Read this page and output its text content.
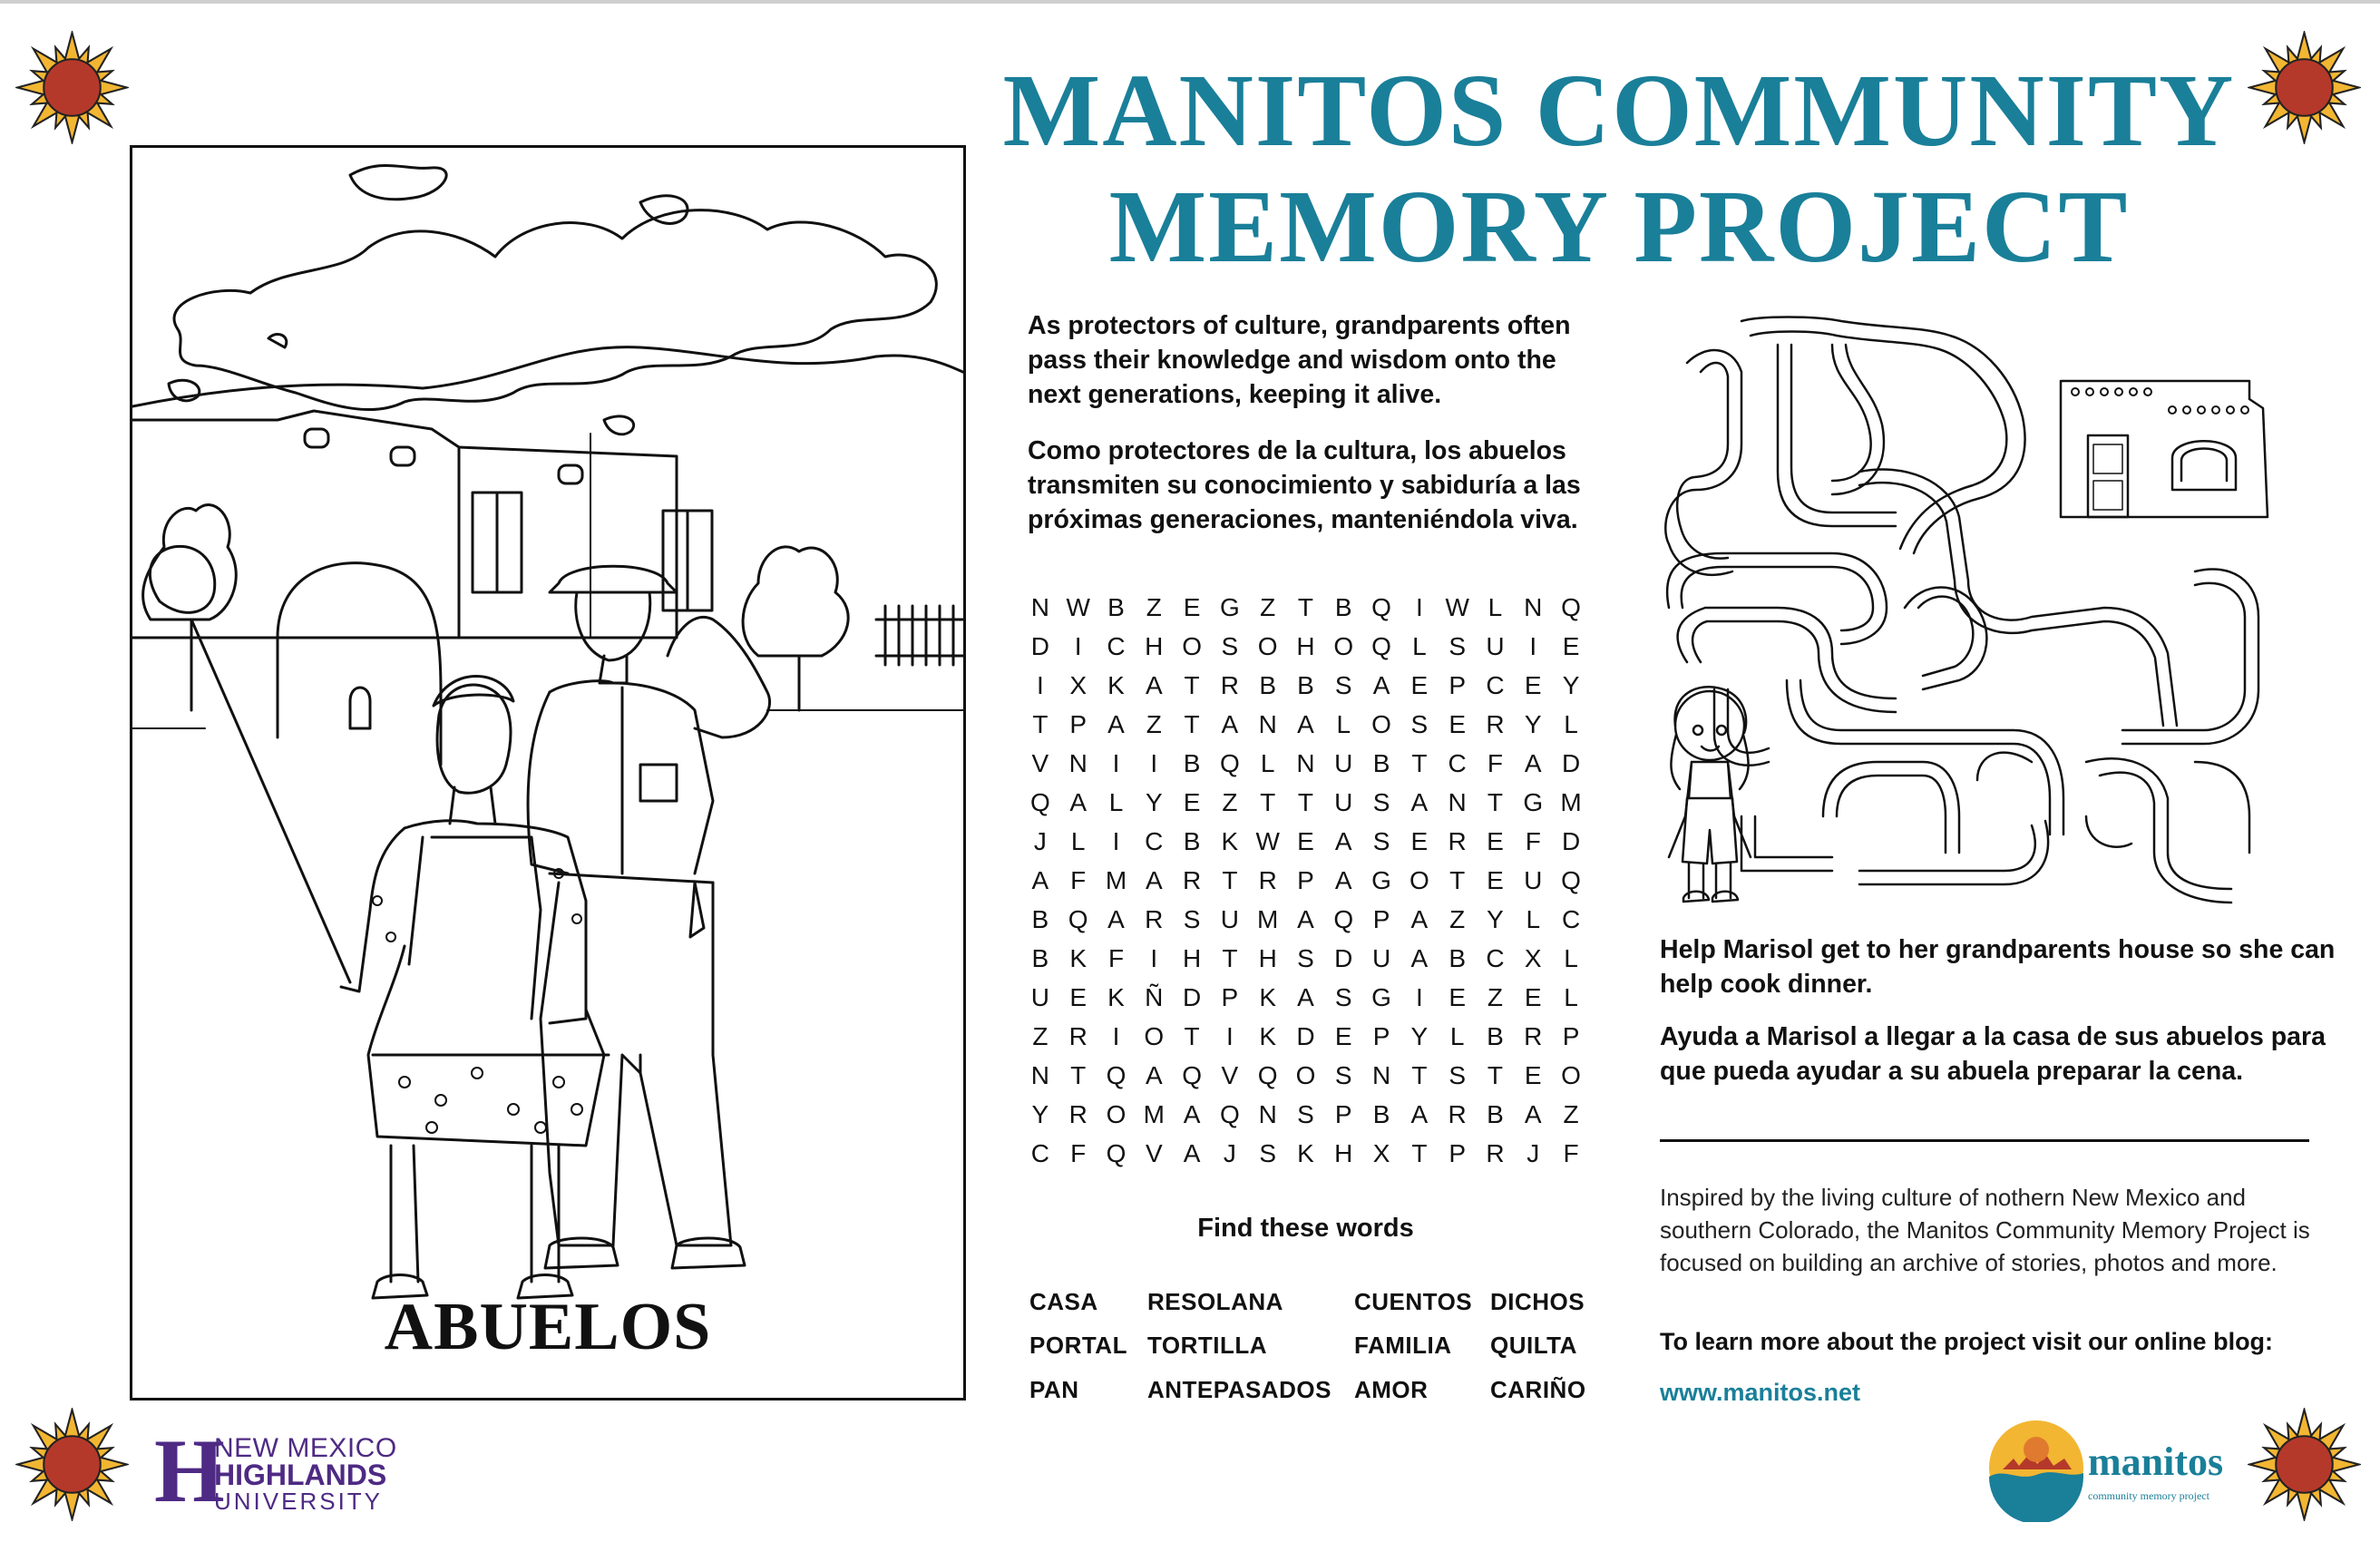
ABUELOS
MANITOS COMMUNITY
MEMORY PROJECT
As protectors of culture, grandparents often pass their knowledge and wisdom onto the next generations, keeping it alive.
Como protectores de la cultura, los abuelos transmiten su conocimiento y sabiduría a las próximas generaciones, manteniéndola viva.
N W B Z E G Z T B Q I W L N Q
D I C H O S O H O Q L S U I	E
I	X K A T R B B S A E P C E Y
T P A Z T A N A L O S E R Y L
V N I	I	B Q L N U B T C F A D
Q A L Y E Z T T U S A N T G M
J L	I C B K W E A S E R E F D
A F M A R T R P A G O T E U Q
B Q A R S U M A Q P A Z Y L C
B K F	I H T H S D U A B C X L
U E K Ñ D P K A S G I	E Z E L
Z R I O T	I	K D E P Y L B R P
N T Q A Q V Q O S N T S T E O
Y R O M A Q N S P B A R B A Z
C F Q V A J S K H X T P R J F
Find these words
CASA
PORTAL
PAN
RESOLANA
TORTILLA
ANTEPASADOS
CUENTOS
FAMILIA
AMOR
DICHOS
QUILTA
CARIÑO
Help Marisol get to her grandparents house so she can help cook dinner.
Ayuda a Marisol a llegar a la casa de sus abuelos para que pueda ayudar a su abuela preparar la cena.
Inspired by the living culture of nothern New Mexico and southern Colorado, the Manitos Community Memory Project is focused on building an archive of stories, photos and more.
To learn more about the project visit our online blog:
www.manitos.net
H
NEW MEXICO
HIGHLANDS
UNIVERSITY
manitos
community memory project
